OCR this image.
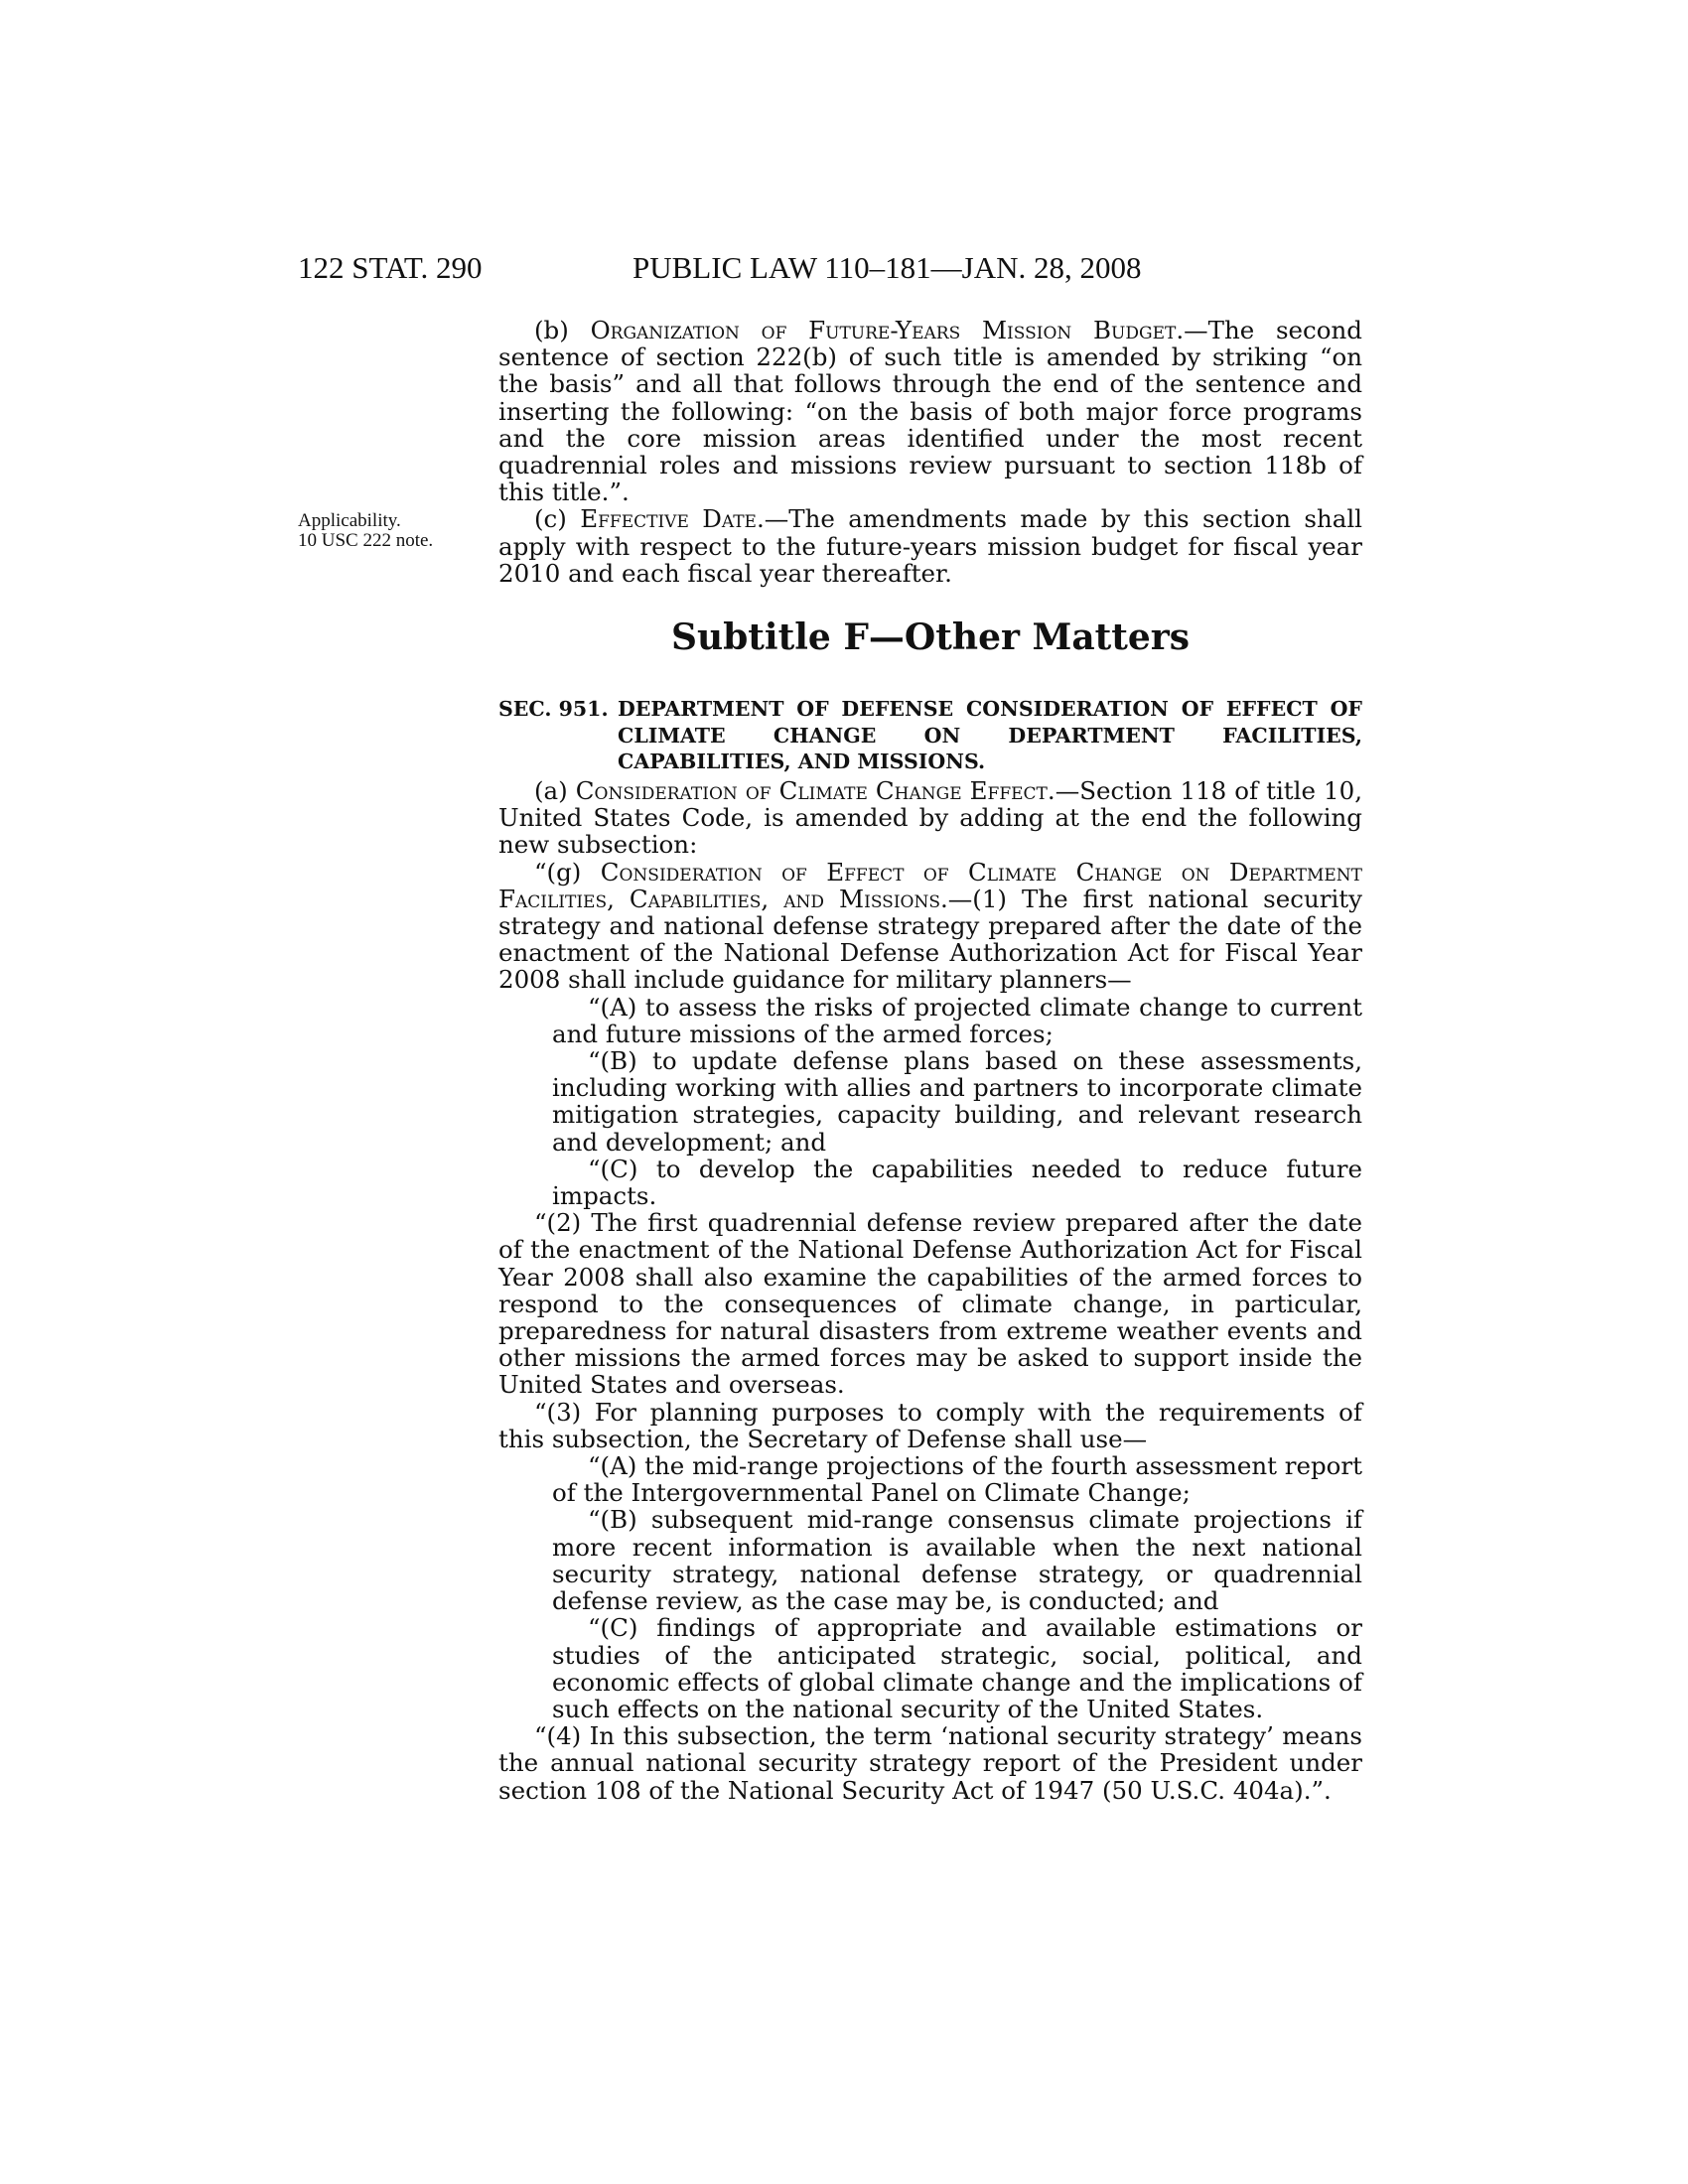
122 STAT. 290	PUBLIC LAW 110–181—JAN. 28, 2008
Applicability.
10 USC 222 note.

(b) Organization of Future-Years Mission Budget.—The second sentence of section 222(b) of such title is amended by striking “on the basis” and all that follows through the end of the sentence and inserting the following: “on the basis of both major force programs and the core mission areas identified under the most recent quadrennial roles and missions review pursuant to section 118b of this title.”.

(c) Effective Date.—The amendments made by this section shall apply with respect to the future-years mission budget for fiscal year 2010 and each fiscal year thereafter.

Subtitle F—Other Matters
SEC. 951. DEPARTMENT OF DEFENSE CONSIDERATION OF EFFECT OF CLIMATE CHANGE ON DEPARTMENT FACILITIES, CAPABILITIES, AND MISSIONS.

(a) Consideration of Climate Change Effect.—Section 118 of title 10, United States Code, is amended by adding at the end the following new subsection:

“(g) Consideration of Effect of Climate Change on Department Facilities, Capabilities, and Missions.—(1) The first national security strategy and national defense strategy prepared after the date of the enactment of the National Defense Authorization Act for Fiscal Year 2008 shall include guidance for military planners—

“(A) to assess the risks of projected climate change to current and future missions of the armed forces;

“(B) to update defense plans based on these assessments, including working with allies and partners to incorporate climate mitigation strategies, capacity building, and relevant research and development; and

“(C) to develop the capabilities needed to reduce future impacts.

“(2) The first quadrennial defense review prepared after the date of the enactment of the National Defense Authorization Act for Fiscal Year 2008 shall also examine the capabilities of the armed forces to respond to the consequences of climate change, in particular, preparedness for natural disasters from extreme weather events and other missions the armed forces may be asked to support inside the United States and overseas.

“(3) For planning purposes to comply with the requirements of this subsection, the Secretary of Defense shall use—

“(A) the mid-range projections of the fourth assessment report of the Intergovernmental Panel on Climate Change;

“(B) subsequent mid-range consensus climate projections if more recent information is available when the next national security strategy, national defense strategy, or quadrennial defense review, as the case may be, is conducted; and

“(C) findings of appropriate and available estimations or studies of the anticipated strategic, social, political, and economic effects of global climate change and the implications of such effects on the national security of the United States.

“(4) In this subsection, the term ‘national security strategy’ means the annual national security strategy report of the President under section 108 of the National Security Act of 1947 (50 U.S.C. 404a).”.
